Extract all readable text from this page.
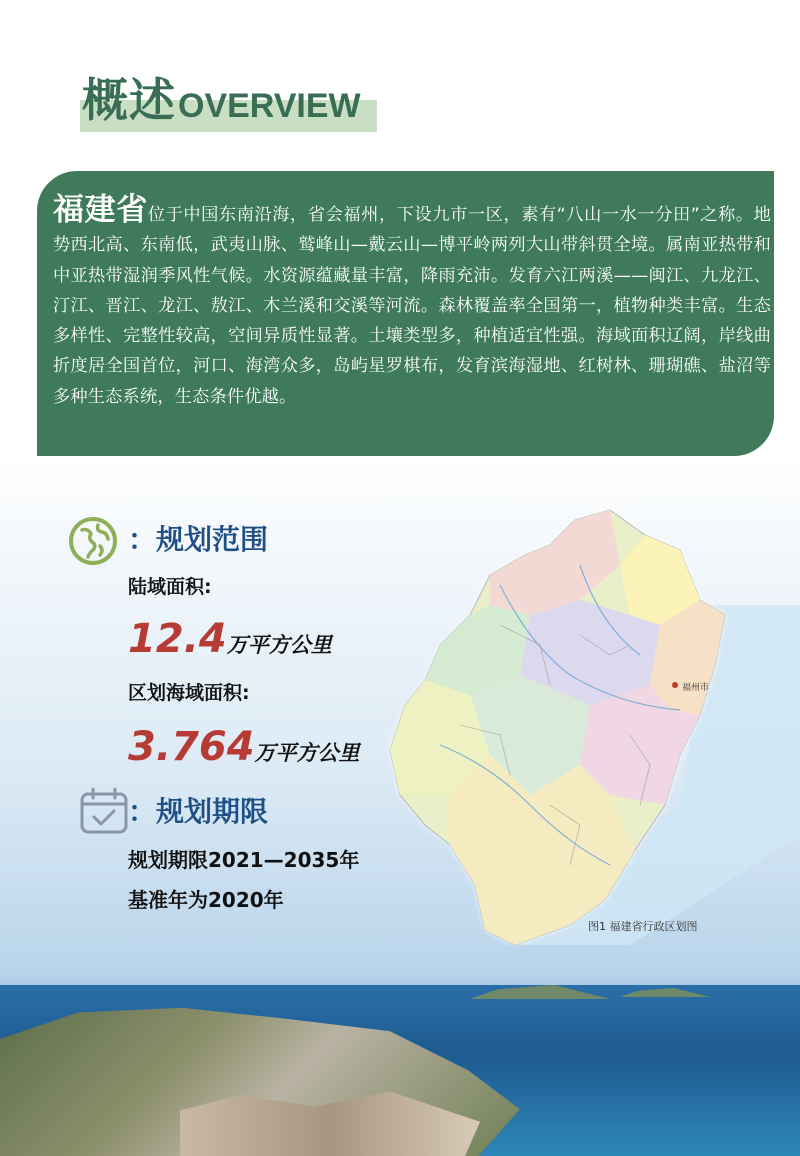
概述 OVERVIEW
福建省位于中国东南沿海，省会福州，下设九市一区，素有“八山一水一分田”之称。地势西北高、东南低，武夷山脉、鹫峰山—戴云山—博平岭两列大山带斜贯全境。属南亚热带和中亚热带湿润季风性气候。水资源蕴藏量丰富，降雨充沛。发育六江两溪——闽江、九龙江、汀江、晋江、龙江、敖江、木兰溪和交溪等河流。森林覆盖率全国第一，植物种类丰富。生态多样性、完整性较高，空间异质性显著。土壤类型多，种植适宜性强。海域面积辽阔，岸线曲折度居全国首位，河口、海湾众多，岛屿星罗棋布，发育滨海湿地、红树林、珊瑚礁、盐沼等多种生态系统，生态条件优越。
：规划范围
陆域面积:
12.4万平方公里
区划海域面积:
3.764万平方公里
：规划期限
规划期限2021—2035年
基准年为2020年
福州市
图1 福建省行政区划图
